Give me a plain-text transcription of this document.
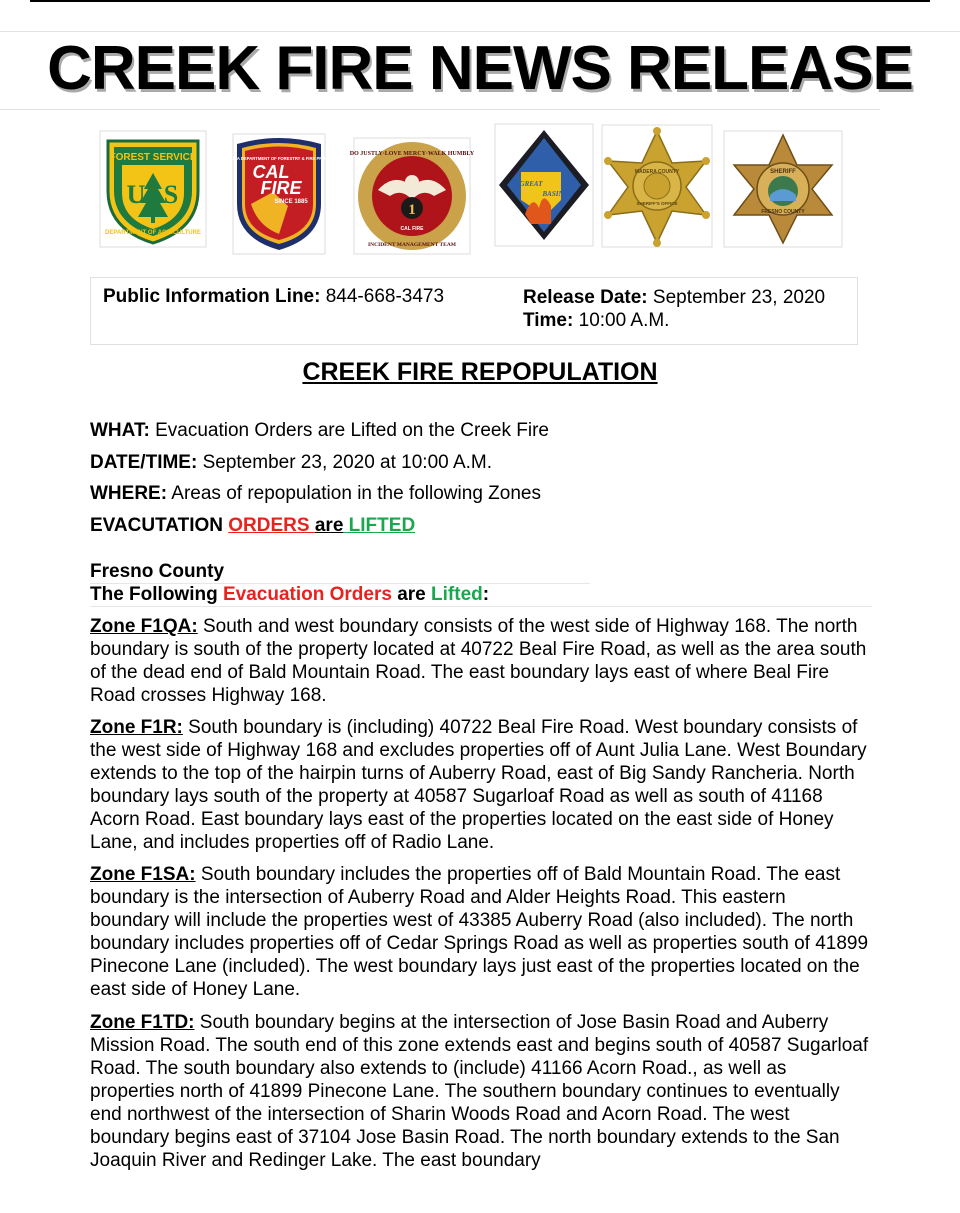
CREEK FIRE NEWS RELEASE
FOREST SERVICE
U S
DEPARTMENT OF AGRICULTURE
CALIFORNIA DEPARTMENT OF FORESTRY & FIRE PROTECTION
CAL
FIRE
SINCE 1885
DO JUSTLY·LOVE MERCY·WALK HUMBLY
INCIDENT MANAGEMENT TEAM
1
CAL FIRE
GREAT
BASIN
MADERA COUNTY
SHERIFF'S OFFICE
SHERIFF
FRESNO COUNTY
Public Information Line: 844-668-3473	Release Date: September 23, 2020
Time: 10:00 A.M.
CREEK FIRE REPOPULATION
WHAT: Evacuation Orders are Lifted on the Creek Fire
DATE/TIME: September 23, 2020 at 10:00 A.M.
WHERE: Areas of repopulation in the following Zones
EVACUTATION ORDERS are LIFTED
Fresno County
The Following Evacuation Orders are Lifted:
Zone F1QA: South and west boundary consists of the west side of Highway 168. The north boundary is south of the property located at 40722 Beal Fire Road, as well as the area south of the dead end of Bald Mountain Road. The east boundary lays east of where Beal Fire Road crosses Highway 168.
Zone F1R: South boundary is (including) 40722 Beal Fire Road. West boundary consists of the west side of Highway 168 and excludes properties off of Aunt Julia Lane. West Boundary extends to the top of the hairpin turns of Auberry Road, east of Big Sandy Rancheria. North boundary lays south of the property at 40587 Sugarloaf Road as well as south of 41168 Acorn Road. East boundary lays east of the properties located on the east side of Honey Lane, and includes properties off of Radio Lane.
Zone F1SA: South boundary includes the properties off of Bald Mountain Road. The east boundary is the intersection of Auberry Road and Alder Heights Road. This eastern boundary will include the properties west of 43385 Auberry Road (also included). The north boundary includes properties off of Cedar Springs Road as well as properties south of 41899 Pinecone Lane (included). The west boundary lays just east of the properties located on the east side of Honey Lane.
Zone F1TD: South boundary begins at the intersection of Jose Basin Road and Auberry Mission Road. The south end of this zone extends east and begins south of 40587 Sugarloaf Road. The south boundary also extends to (include) 41166 Acorn Road., as well as properties north of 41899 Pinecone Lane. The southern boundary continues to eventually end northwest of the intersection of Sharin Woods Road and Acorn Road. The west boundary begins east of 37104 Jose Basin Road. The north boundary extends to the San Joaquin River and Redinger Lake. The east boundary
